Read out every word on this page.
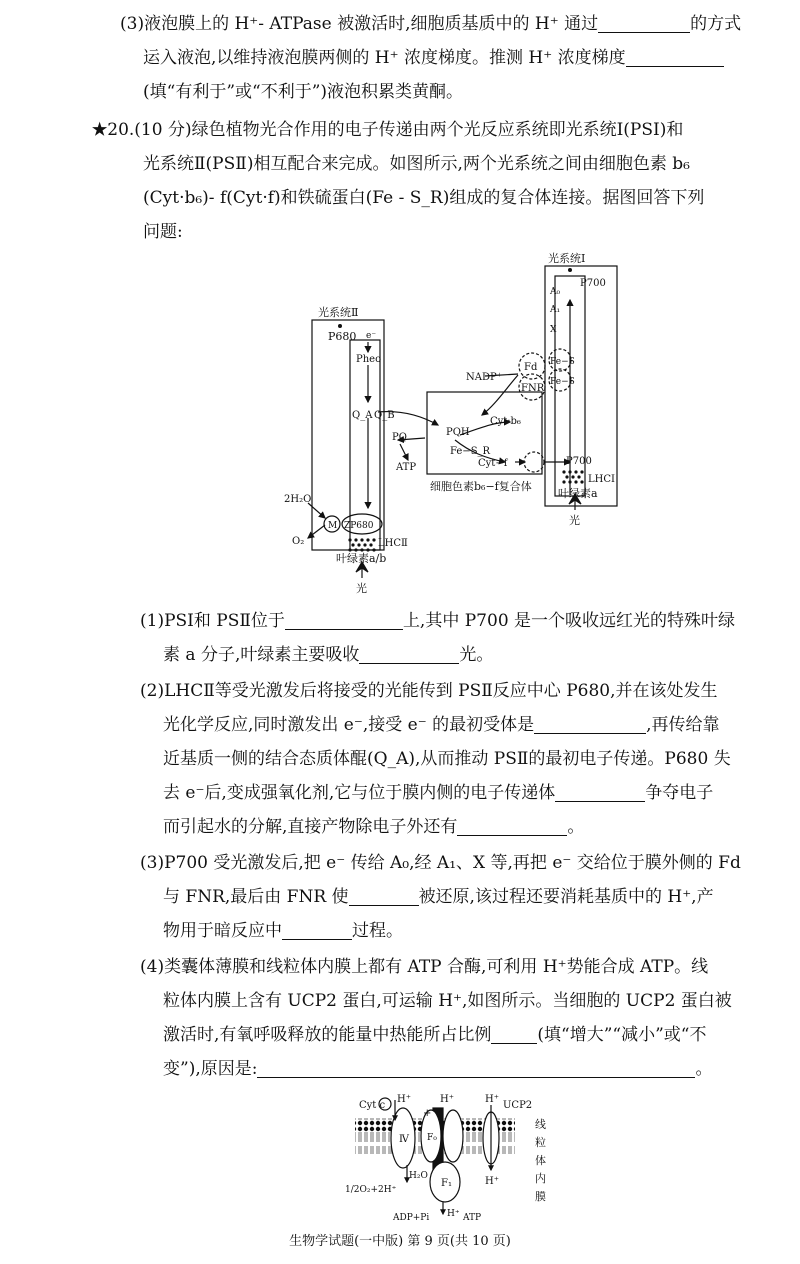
(3)液泡膜上的 H⁺- ATPase 被激活时,细胞质基质中的 H⁺ 通过	的方式
运入液泡,以维持液泡膜两侧的 H⁺ 浓度梯度。推测 H⁺ 浓度梯度
(填“有利于”或“不利于”)液泡积累类黄酮。
★20.(10 分)绿色植物光合作用的电子传递由两个光反应系统即光系统Ⅰ(PSⅠ)和
光系统Ⅱ(PSⅡ)相互配合来完成。如图所示,两个光系统之间由细胞色素 b₆
(Cyt·b₆)- f(Cyt·f)和铁硫蛋白(Fe - S_R)组成的复合体连接。据图回答下列
问题:
光系统Ⅱ
光系统Ⅰ
P680 e⁻
Pheo
Q_A Q_B
PQ	PQH
ATP
Cyt·b₆
Fe−S_R
Cyt−f
细胞色素b₆−f复合体
NADP⁺
Fd
FNR
Fe−S
Fe−S
P700
P700
A₀
A₁
X
2H₂O
O₂
M ZP680
LHCⅡ
LHCⅠ
叶绿素a/b
叶绿素a
光
光
(1)PSⅠ和 PSⅡ位于	上,其中 P700 是一个吸收远红光的特殊叶绿
素 a 分子,叶绿素主要吸收	光。
(2)LHCⅡ等受光激发后将接受的光能传到 PSⅡ反应中心 P680,并在该处发生
光化学反应,同时激发出 e⁻,接受 e⁻ 的最初受体是	,再传给靠
近基质一侧的结合态质体醌(Q_A),从而推动 PSⅡ的最初电子传递。P680 失
去 e⁻后,变成强氧化剂,它与位于膜内侧的电子传递体	争夺电子
而引起水的分解,直接产物除电子外还有	。
(3)P700 受光激发后,把 e⁻ 传给 A₀,经 A₁、X 等,再把 e⁻ 交给位于膜外侧的 Fd
与 FNR,最后由 FNR 使	被还原,该过程还要消耗基质中的 H⁺,产
物用于暗反应中	过程。
(4)类囊体薄膜和线粒体内膜上都有 ATP 合酶,可利用 H⁺势能合成 ATP。线
粒体内膜上含有 UCP2 蛋白,可运输 H⁺,如图所示。当细胞的 UCP2 蛋白被
激活时,有氧呼吸释放的能量中热能所占比例	(填“增大”“减小”或“不
变”),原因是:	。
Cyt c
H⁺	H⁺	H⁺
H⁺
H⁺
+
UCP2
Ⅳ F₀
F₁
1/2O₂+2H⁺
H₂O
ADP+Pi	ATP
线
粒
体
内
膜
生物学试题(一中版) 第 9 页(共 10 页)
